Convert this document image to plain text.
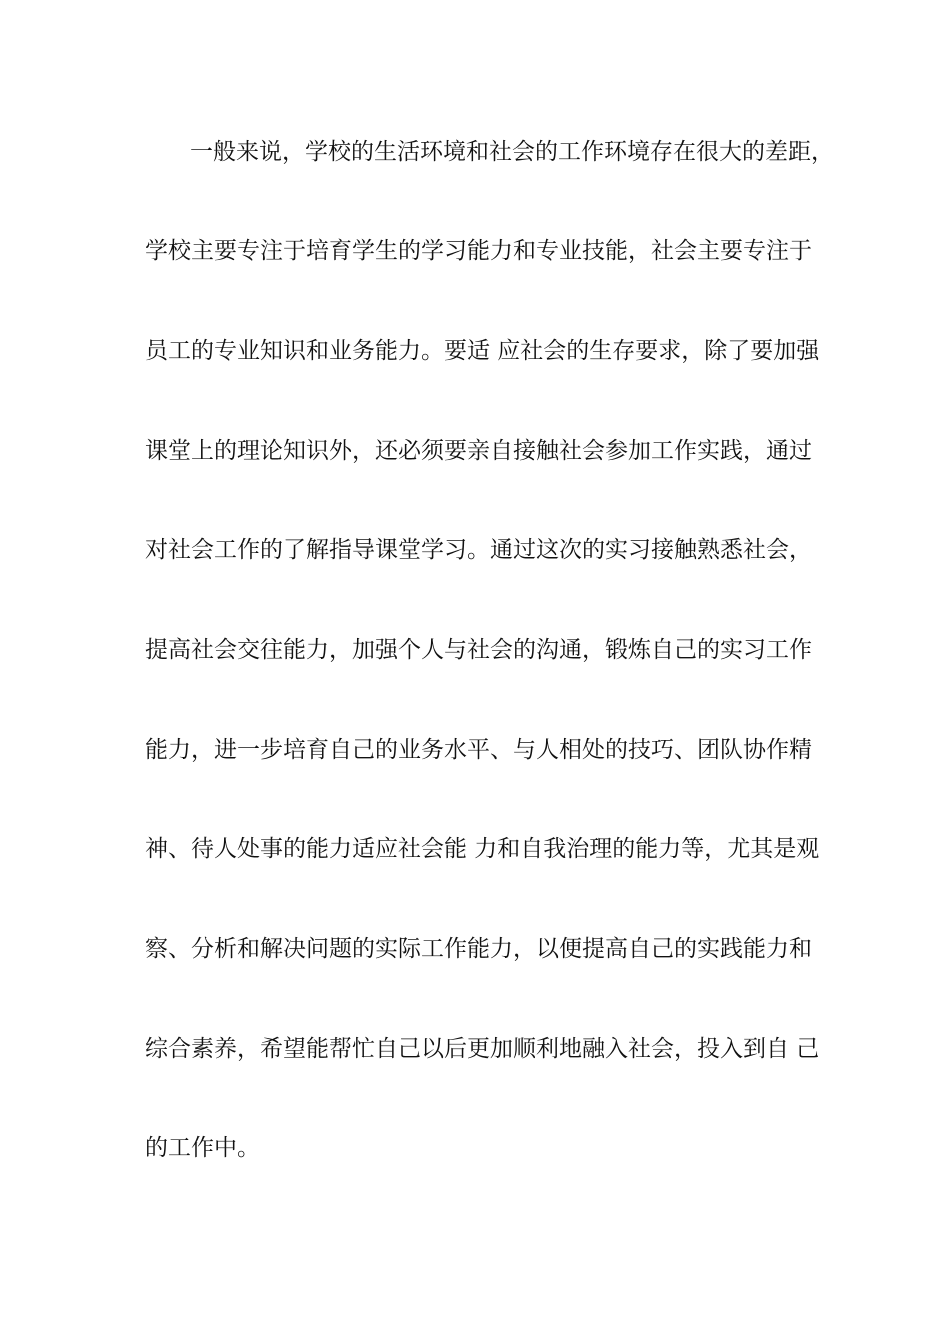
一般来说，学校的生活环境和社会的工作环境存在很大的差距，
学校主要专注于培育学生的学习能力和专业技能，社会主要专注于
员工的专业知识和业务能力。要适 应社会的生存要求，除了要加强
课堂上的理论知识外，还必须要亲自接触社会参加工作实践，通过
对社会工作的了解指导课堂学习。通过这次的实习接触熟悉社会，
提高社会交往能力，加强个人与社会的沟通，锻炼自己的实习工作
能力，进一步培育自己的业务水平、与人相处的技巧、团队协作精
神、待人处事的能力适应社会能 力和自我治理的能力等，尤其是观
察、分析和解决问题的实际工作能力，以便提高自己的实践能力和
综合素养，希望能帮忙自己以后更加顺利地融入社会，投入到自 己
的工作中。
